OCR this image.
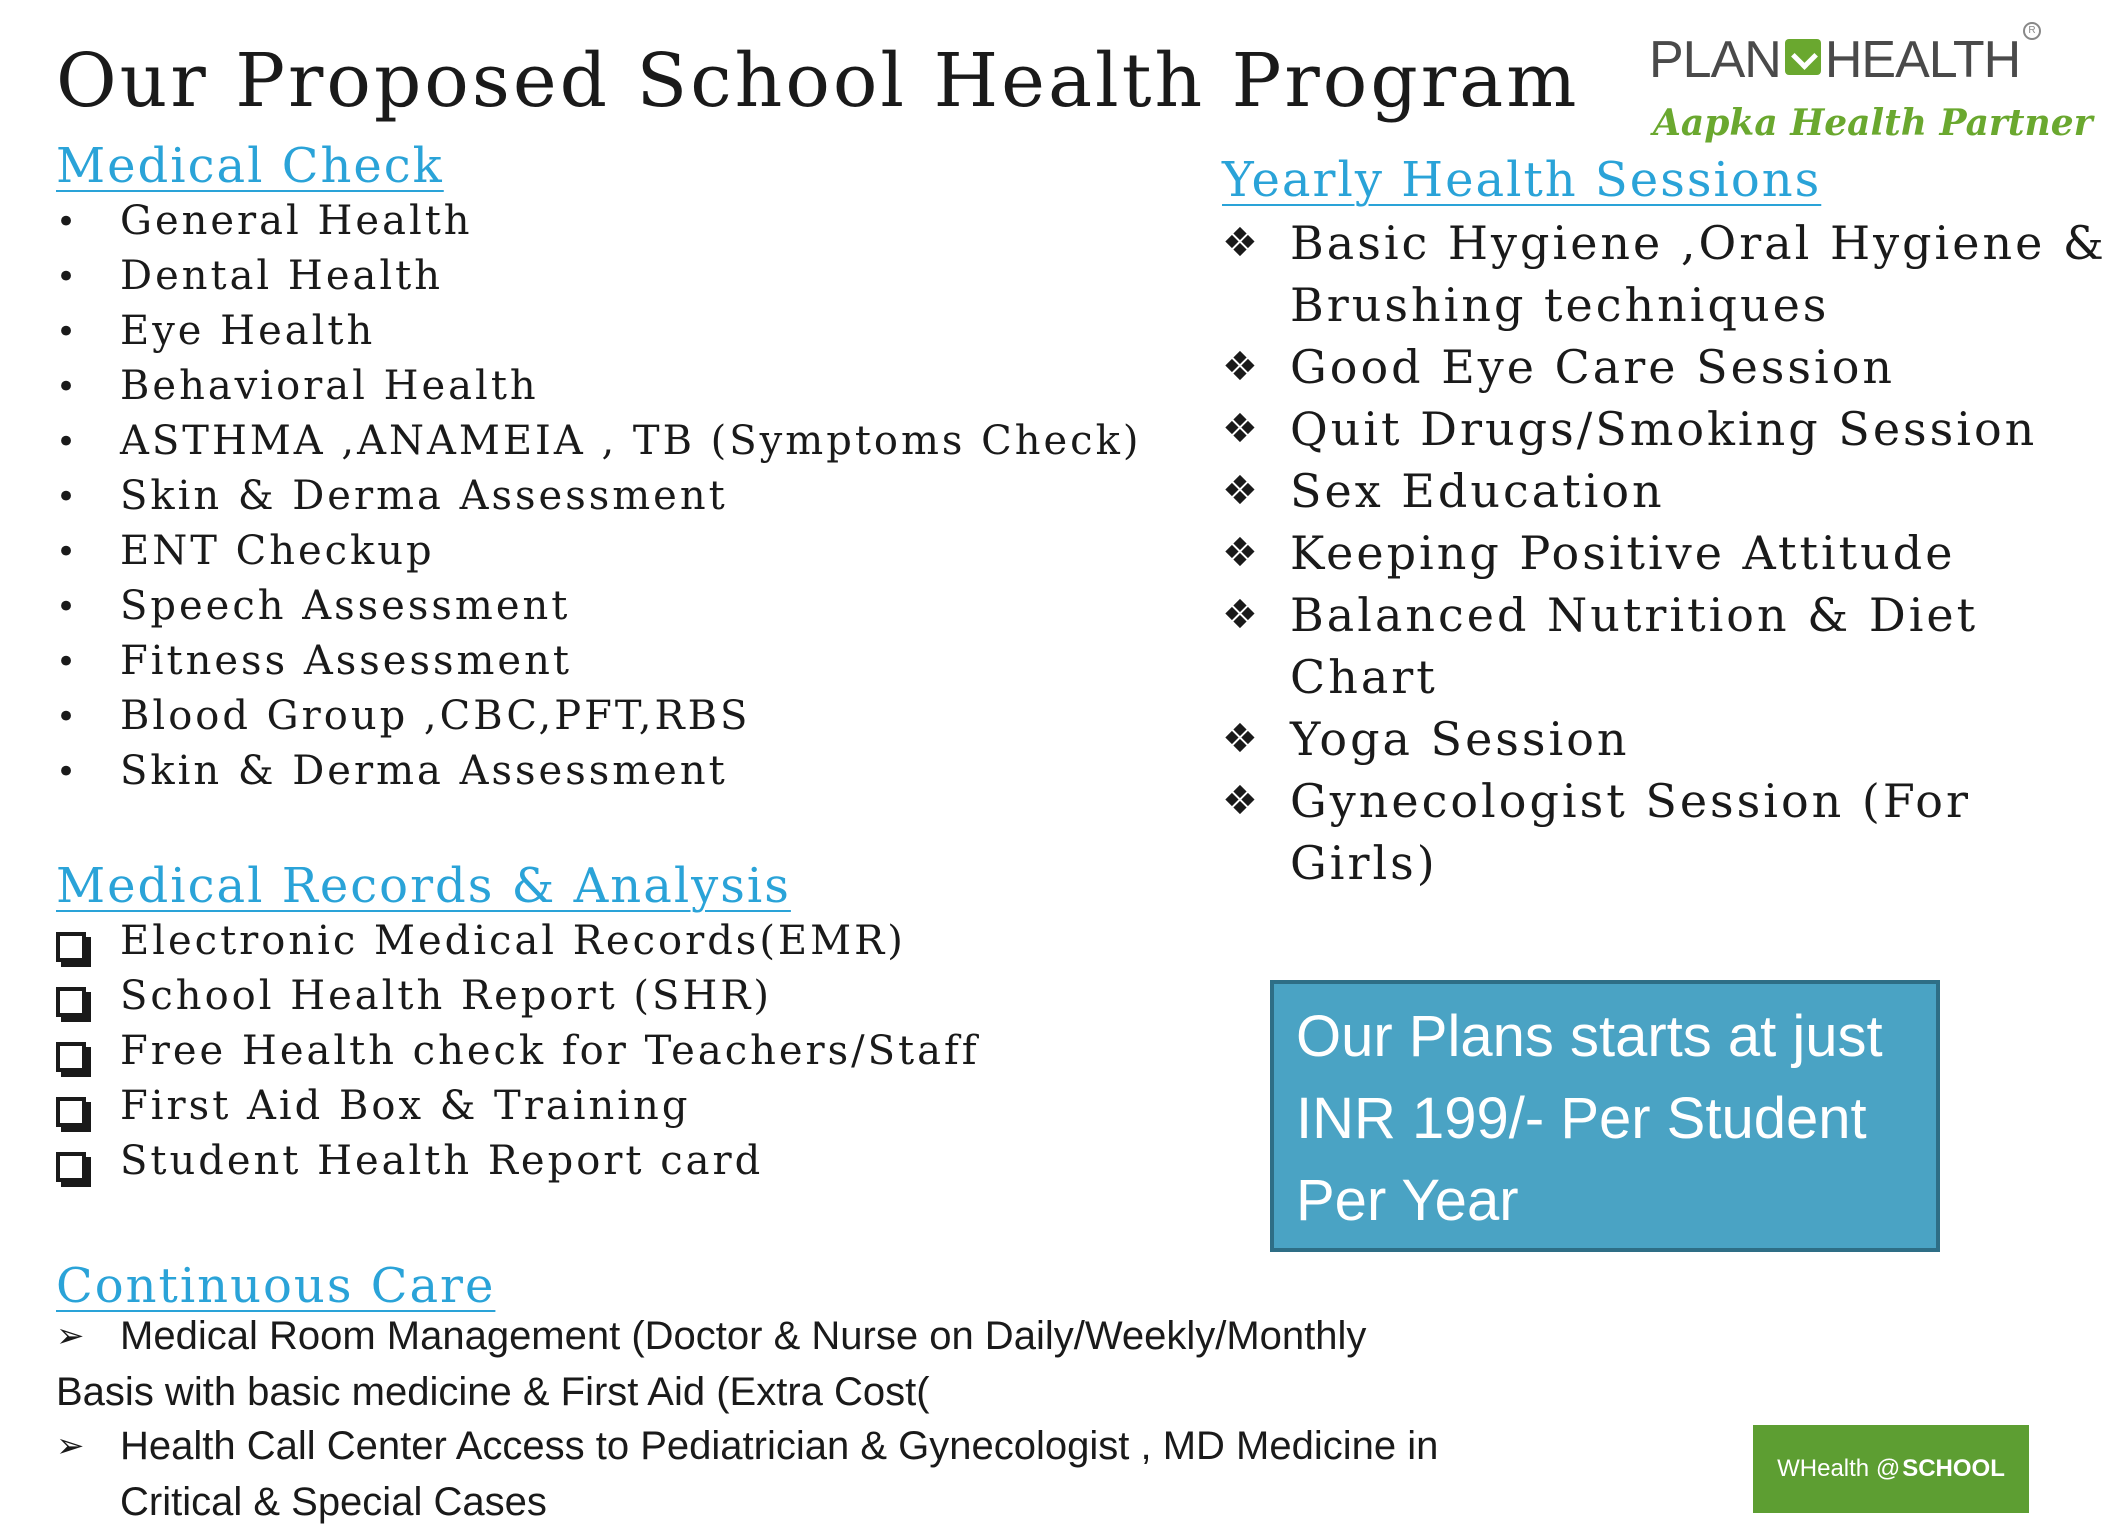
Our Proposed School Health Program PLAN HEALTH
R
Aapka Health Partner
Medical Check
• General Health
• Dental Health
• Eye Health
• Behavioral Health
• ASTHMA ,ANAMEIA , TB (Symptoms Check)
• Skin & Derma Assessment
• ENT Checkup
• Speech Assessment
• Fitness Assessment
• Blood Group ,CBC,PFT,RBS
• Skin & Derma Assessment
Medical Records & Analysis
Electronic Medical Records(EMR)
School Health Report (SHR)
Free Health check for Teachers/Staff
First Aid Box & Training
Student Health Report card
Continuous Care
➢ Medical Room Management (Doctor & Nurse on Daily/Weekly/Monthly
Basis with basic medicine & First Aid (Extra Cost(
➢ Health Call Center Access to Pediatrician & Gynecologist , MD Medicine in
Critical & Special Cases
Yearly Health Sessions
❖ Basic Hygiene ,Oral Hygiene &
Brushing techniques
❖ Good Eye Care Session
❖ Quit Drugs/Smoking Session
❖ Sex Education
❖ Keeping Positive Attitude
❖ Balanced Nutrition & Diet
Chart
❖ Yoga Session
❖ Gynecologist Session (For
Girls)
Our Plans starts at just
INR 199/- Per Student
Per Year
WHealth @ SCHOOL
